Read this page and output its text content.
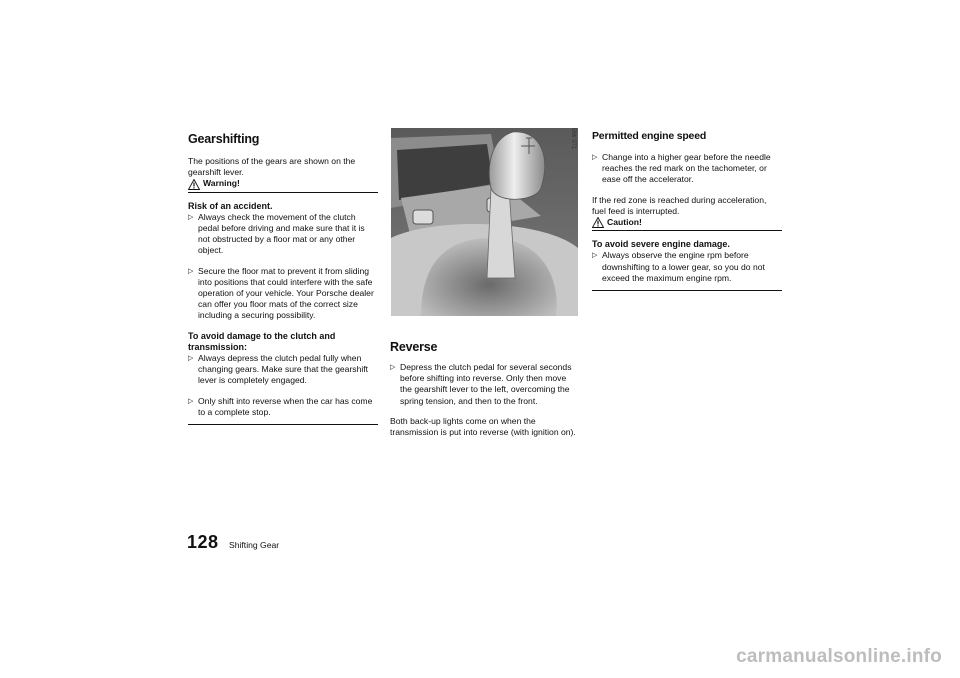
Gearshifting

The positions of the gears are shown on the gearshift lever.

Warning!

Risk of an accident.

▷ Always check the movement of the clutch pedal before driving and make sure that it is not obstructed by a floor mat or any other object.
▷ Secure the floor mat to prevent it from sliding into positions that could interfere with the safe operation of your vehicle. Your Porsche dealer can offer you floor mats of the correct size including a securing possibility.

To avoid damage to the clutch and transmission:

▷ Always depress the clutch pedal fully when changing gears. Make sure that the gearshift lever is completely engaged.
▷ Only shift into reverse when the car has come to a complete stop.
BW 071
Reverse
▷ Depress the clutch pedal for several seconds before shifting into reverse. Only then move the gearshift lever to the left, overcoming the spring tension, and then to the front.

Both back-up lights come on when the transmission is put into reverse (with ignition on).

Permitted engine speed
▷ Change into a higher gear before the needle reaches the red mark on the tachometer, or ease off the accelerator.

If the red zone is reached during acceleration, fuel feed is interrupted.

Caution!

To avoid severe engine damage.

▷ Always observe the engine rpm before downshifting to a lower gear, so you do not exceed the maximum engine rpm.
128 Shifting Gear
carmanualsonline.info
